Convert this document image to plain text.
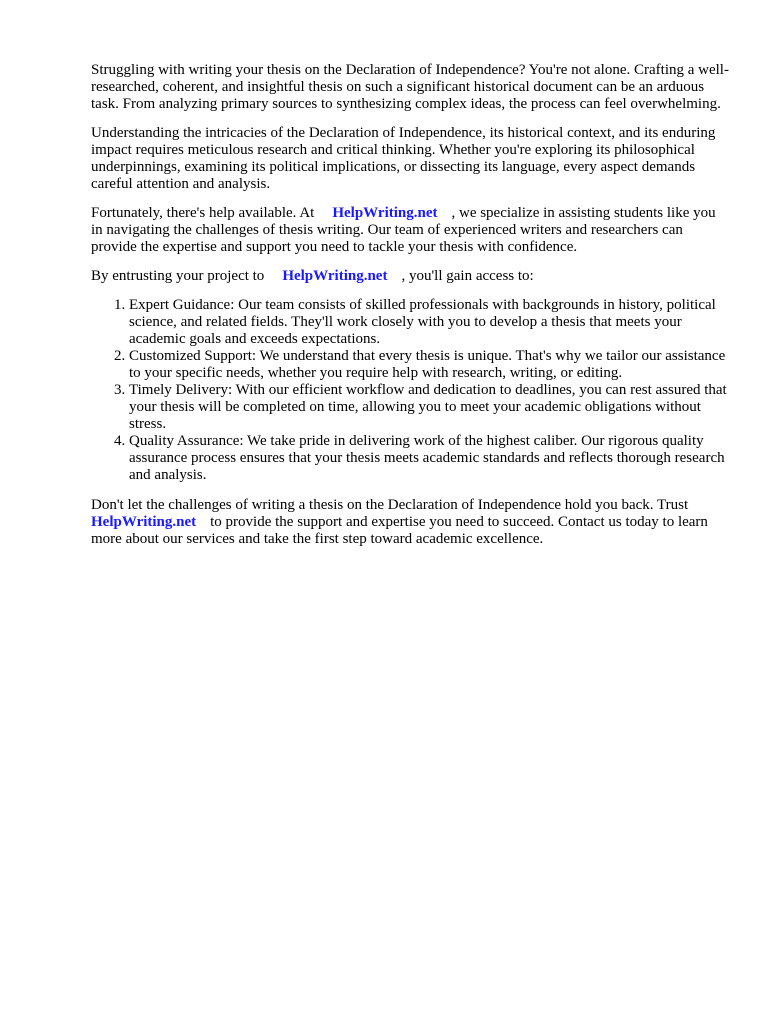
Struggling with writing your thesis on the Declaration of Independence? You're not alone. Crafting a well-researched, coherent, and insightful thesis on such a significant historical document can be an arduous task. From analyzing primary sources to synthesizing complex ideas, the process can feel overwhelming.

Understanding the intricacies of the Declaration of Independence, its historical context, and its enduring impact requires meticulous research and critical thinking. Whether you're exploring its philosophical underpinnings, examining its political implications, or dissecting its language, every aspect demands careful attention and analysis.

Fortunately, there's help available. At HelpWriting.net , we specialize in assisting students like you in navigating the challenges of thesis writing. Our team of experienced writers and researchers can provide the expertise and support you need to tackle your thesis with confidence.

By entrusting your project to HelpWriting.net , you'll gain access to:

1. Expert Guidance: Our team consists of skilled professionals with backgrounds in history, political science, and related fields. They'll work closely with you to develop a thesis that meets your academic goals and exceeds expectations.
2. Customized Support: We understand that every thesis is unique. That's why we tailor our assistance to your specific needs, whether you require help with research, writing, or editing.
3. Timely Delivery: With our efficient workflow and dedication to deadlines, you can rest assured that your thesis will be completed on time, allowing you to meet your academic obligations without stress.
4. Quality Assurance: We take pride in delivering work of the highest caliber. Our rigorous quality assurance process ensures that your thesis meets academic standards and reflects thorough research and analysis.

Don't let the challenges of writing a thesis on the Declaration of Independence hold you back. Trust HelpWriting.net to provide the support and expertise you need to succeed. Contact us today to learn more about our services and take the first step toward academic excellence.
